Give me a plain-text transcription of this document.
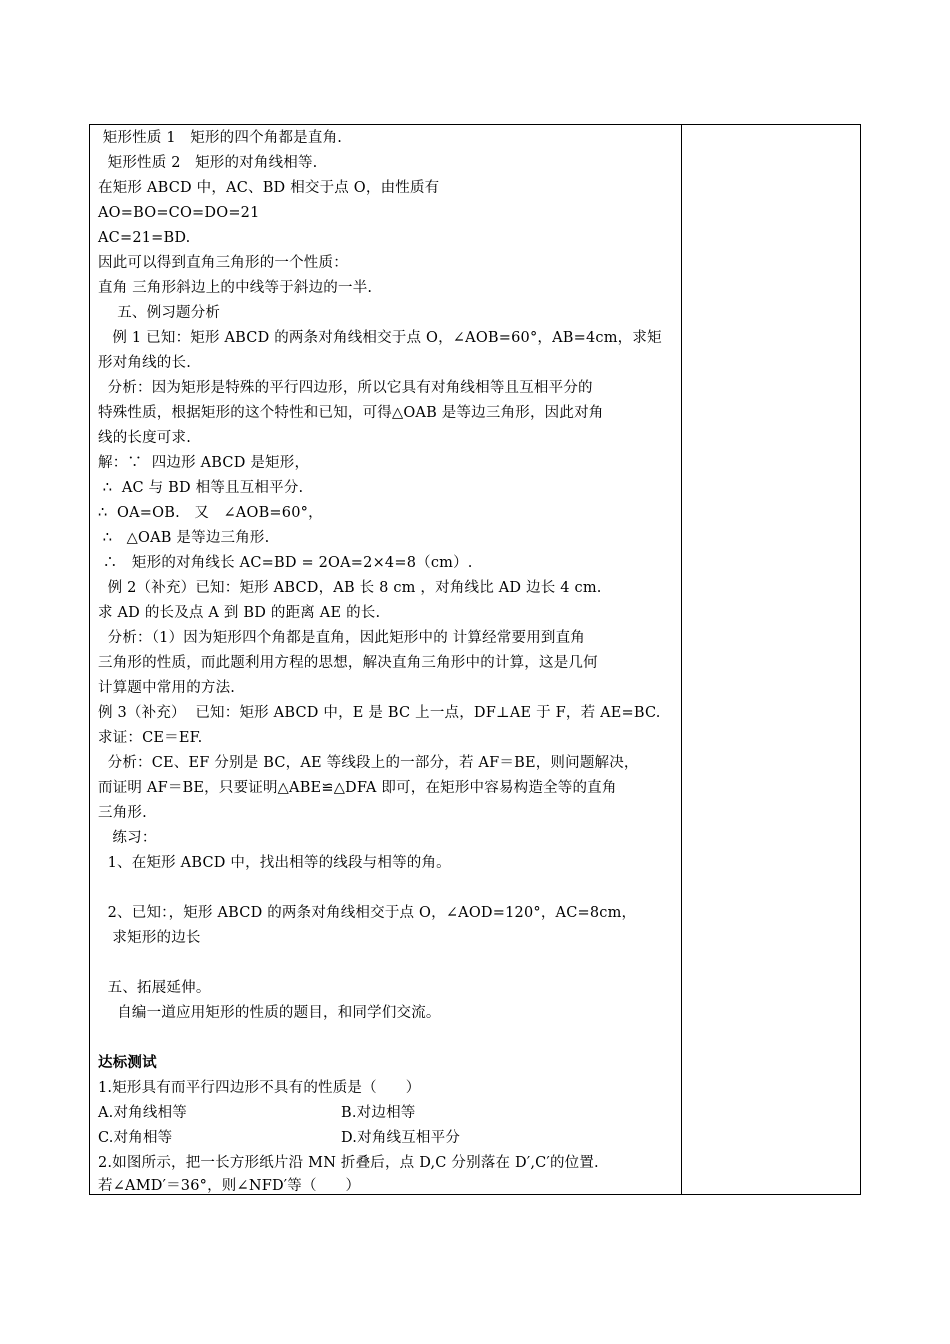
矩形性质 1   矩形的四个角都是直角.
矩形性质 2   矩形的对角线相等.
在矩形 ABCD 中，AC、BD 相交于点 O，由性质有
AO=BO=CO=DO=21
AC=21=BD.
因此可以得到直角三角形的一个性质：
直角 三角形斜边上的中线等于斜边的一半.
五、例习题分析
例 1 已知：矩形 ABCD 的两条对角线相交于点 O，∠AOB=60°，AB=4cm，求矩
形对角线的长.
分析：因为矩形是特殊的平行四边形，所以它具有对角线相等且互相平分的
特殊性质，根据矩形的这个特性和已知，可得△OAB 是等边三角形，因此对角
线的长度可求.
解：∵  四边形 ABCD 是矩形，
∴  AC 与 BD 相等且互相平分.
∴  OA=OB.   又   ∠AOB=60°，
∴   △OAB 是等边三角形.
∴   矩形的对角线长 AC=BD = 2OA=2×4=8（cm）.
例 2（补充）已知：矩形 ABCD，AB 长 8 cm ，对角线比 AD 边长 4 cm.
求 AD 的长及点 A 到 BD 的距离 AE 的长.
分析：（1）因为矩形四个角都是直角，因此矩形中的 计算经常要用到直角
三角形的性质，而此题利用方程的思想，解决直角三角形中的计算，这是几何
计算题中常用的方法.
例 3（补充）  已知：矩形 ABCD 中，E 是 BC 上一点，DF⊥AE 于 F，若 AE=BC.
求证：CE＝EF.
分析：CE、EF 分别是 BC，AE 等线段上的一部分，若 AF＝BE，则问题解决，
而证明 AF＝BE，只要证明△ABE≌△DFA 即可，在矩形中容易构造全等的直角
三角形.
练习：
1、在矩形 ABCD 中，找出相等的线段与相等的角。
2、已知：，矩形 ABCD 的两条对角线相交于点 O，∠AOD=120°，AC=8cm，
求矩形的边长
五、拓展延伸。
自编一道应用矩形的性质的题目，和同学们交流。
达标测试
1.矩形具有而平行四边形不具有的性质是（      ）
A.对角线相等	B.对边相等
C.对角相等	D.对角线互相平分
2.如图所示，把一长方形纸片沿 MN 折叠后，点 D,C 分别落在 D′,C′的位置.
若∠AMD′＝36°，则∠NFD′等（      ）
